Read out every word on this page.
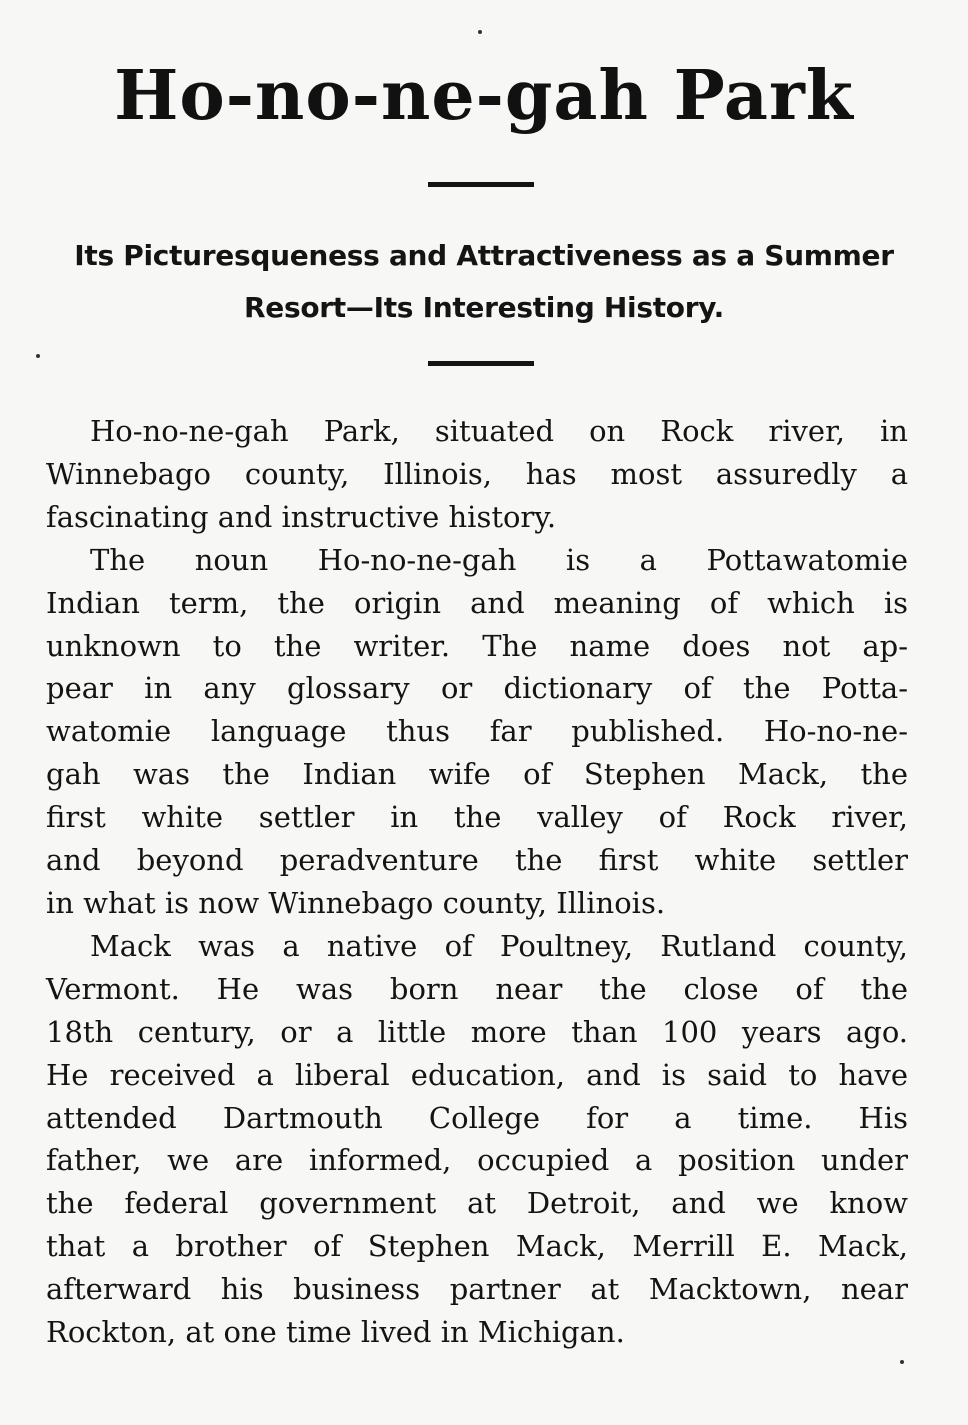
Ho-no-ne-gah Park
Its Picturesqueness and Attractiveness as a Summer
Resort—Its Interesting History.
Ho-no-ne-gah Park, situated on Rock river, in
Winnebago county, Illinois, has most assuredly a
fascinating and instructive history.
The noun Ho-no-ne-gah is a Pottawatomie
Indian term, the origin and meaning of which is
unknown to the writer. The name does not ap-
pear in any glossary or dictionary of the Potta-
watomie language thus far published. Ho-no-ne-
gah was the Indian wife of Stephen Mack, the
first white settler in the valley of Rock river,
and beyond peradventure the first white settler
in what is now Winnebago county, Illinois.
Mack was a native of Poultney, Rutland county,
Vermont. He was born near the close of the
18th century, or a little more than 100 years ago.
He received a liberal education, and is said to have
attended Dartmouth College for a time. His
father, we are informed, occupied a position under
the federal government at Detroit, and we know
that a brother of Stephen Mack, Merrill E. Mack,
afterward his business partner at Macktown, near
Rockton, at one time lived in Michigan.
